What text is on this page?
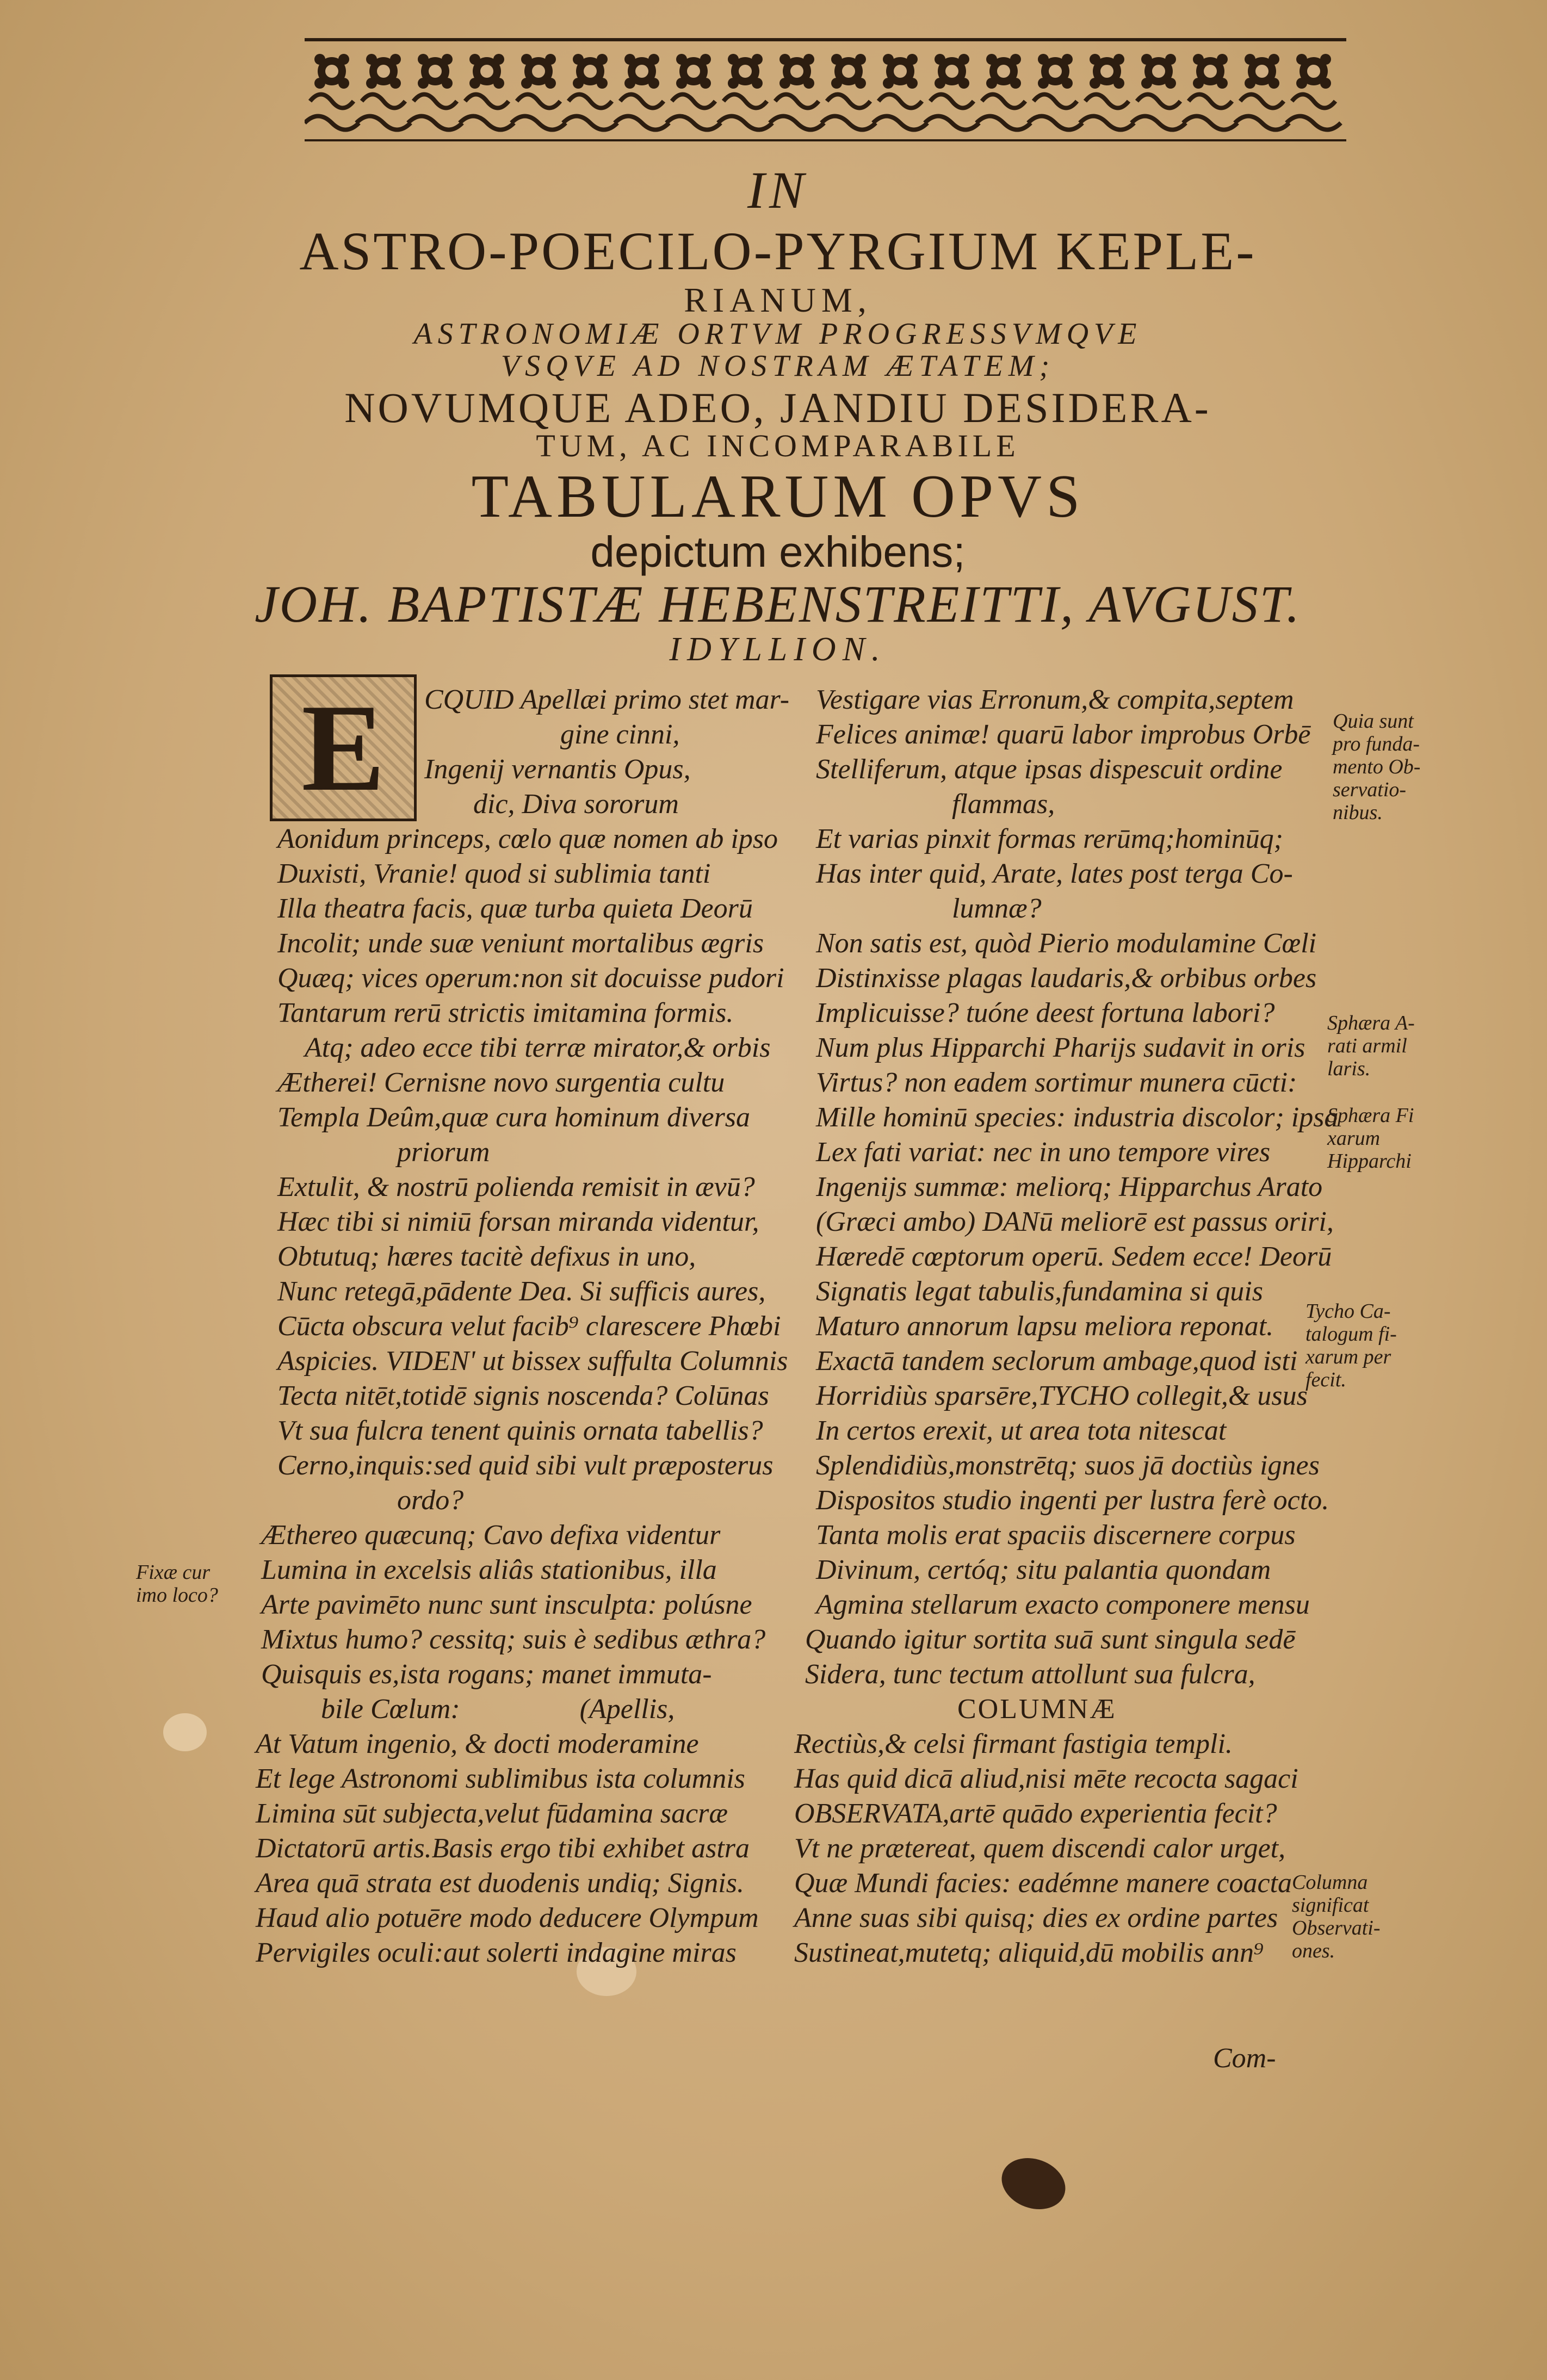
IN
ASTRO-POECILO-PYRGIUM KEPLE-
RIANUM,
ASTRONOMIÆ ORTVM PROGRESSVMQVE
VSQVE AD NOSTRAM ÆTATEM;
NOVUMQUE ADEO, JANDIU DESIDERA-
TUM, AC INCOMPARABILE
TABULARUM OPVS
depictum exhibens;
JOH. BAPTISTÆ HEBENSTREITTI, AVGUST.
IDYLLION.
E	CQUID Apellæi primo stet mar-
gine cinni,
Ingenij vernantis Opus,
dic, Diva sororum
Aonidum princeps, cœlo quæ nomen ab ipso
Duxisti, Vranie! quod si sublimia tanti
Illa theatra facis, quæ turba quieta Deorū
Incolit; unde suæ veniunt mortalibus ægris
Quæq; vices operum:non sit docuisse pudori
Tantarum rerū strictis imitamina formis.
Atq; adeo ecce tibi terræ mirator,& orbis
Ætherei! Cernisne novo surgentia cultu
Templa Deûm,quæ cura hominum diversa
priorum
Extulit, & nostrū polienda remisit in ævū?
Hæc tibi si nimiū forsan miranda videntur,
Obtutuq; hæres tacitè defixus in uno,
Nunc retegā,pādente Dea. Si sufficis aures,
Cūcta obscura velut facib⁹ clarescere Phœbi
Aspicies. VIDEN' ut bissex suffulta Columnis
Tecta nitēt,totidē signis noscenda? Colūnas
Vt sua fulcra tenent quinis ornata tabellis?
Cerno,inquis:sed quid sibi vult præposterus
ordo?
Æthereo quæcunq; Cavo defixa videntur
Lumina in excelsis aliâs stationibus, illa
Arte pavimēto nunc sunt insculpta: polúsne
Mixtus humo? cessitq; suis è sedibus æthra?
Quisquis es,ista rogans; manet immuta-
bile Cœlum:	(Apellis,
At Vatum ingenio, & docti moderamine
Et lege Astronomi sublimibus ista columnis
Limina sūt subjecta,velut fūdamina sacræ
Dictatorū artis.Basis ergo tibi exhibet astra
Area quā strata est duodenis undiq; Signis.
Haud alio potuēre modo deducere Olympum
Pervigiles oculi:aut solerti indagine miras
Vestigare vias Erronum,& compita,septem
Felices animæ! quarū labor improbus Orbē
Stelliferum, atque ipsas dispescuit ordine
flammas,
Et varias pinxit formas rerūmq;hominūq;
Has inter quid, Arate, lates post terga Co-
lumnæ?
Non satis est, quòd Pierio modulamine Cœli
Distinxisse plagas laudaris,& orbibus orbes
Implicuisse? tuóne deest fortuna labori?
Num plus Hipparchi Pharijs sudavit in oris
Virtus? non eadem sortimur munera cūcti:
Mille hominū species: industria discolor; ipsa
Lex fati variat: nec in uno tempore vires
Ingenijs summæ: meliorq; Hipparchus Arato
(Græci ambo) DANū meliorē est passus oriri,
Hæredē cœptorum operū. Sedem ecce! Deorū
Signatis legat tabulis,fundamina si quis
Maturo annorum lapsu meliora reponat.
Exactā tandem seclorum ambage,quod isti
Horridiùs sparsēre,TYCHO collegit,& usus
In certos erexit, ut area tota nitescat
Splendidiùs,monstrētq; suos jā doctiùs ignes
Dispositos studio ingenti per lustra ferè octo.
Tanta molis erat spaciis discernere corpus
Divinum, certóq; situ palantia quondam
Agmina stellarum exacto componere mensu
Quando igitur sortita suā sunt singula sedē
Sidera, tunc tectum attollunt sua fulcra,
COLUMNÆ
Rectiùs,& celsi firmant fastigia templi.
Has quid dicā aliud,nisi mēte recocta sagaci
OBSERVATA,artē quādo experientia fecit?
Vt ne prætereat, quem discendi calor urget,
Quæ Mundi facies: eadémne manere coacta
Anne suas sibi quisq; dies ex ordine partes
Sustineat,mutetq; aliquid,dū mobilis ann⁹
Com-
Fixæ cur
imo loco?
Quia sunt
pro funda-
mento Ob-
servatio-
nibus.
Sphæra A-
rati armil
laris.
Sphæra Fi
xarum
Hipparchi
Tycho Ca-
talogum fi-
xarum per
fecit.
Columna
significat
Observati-
ones.
